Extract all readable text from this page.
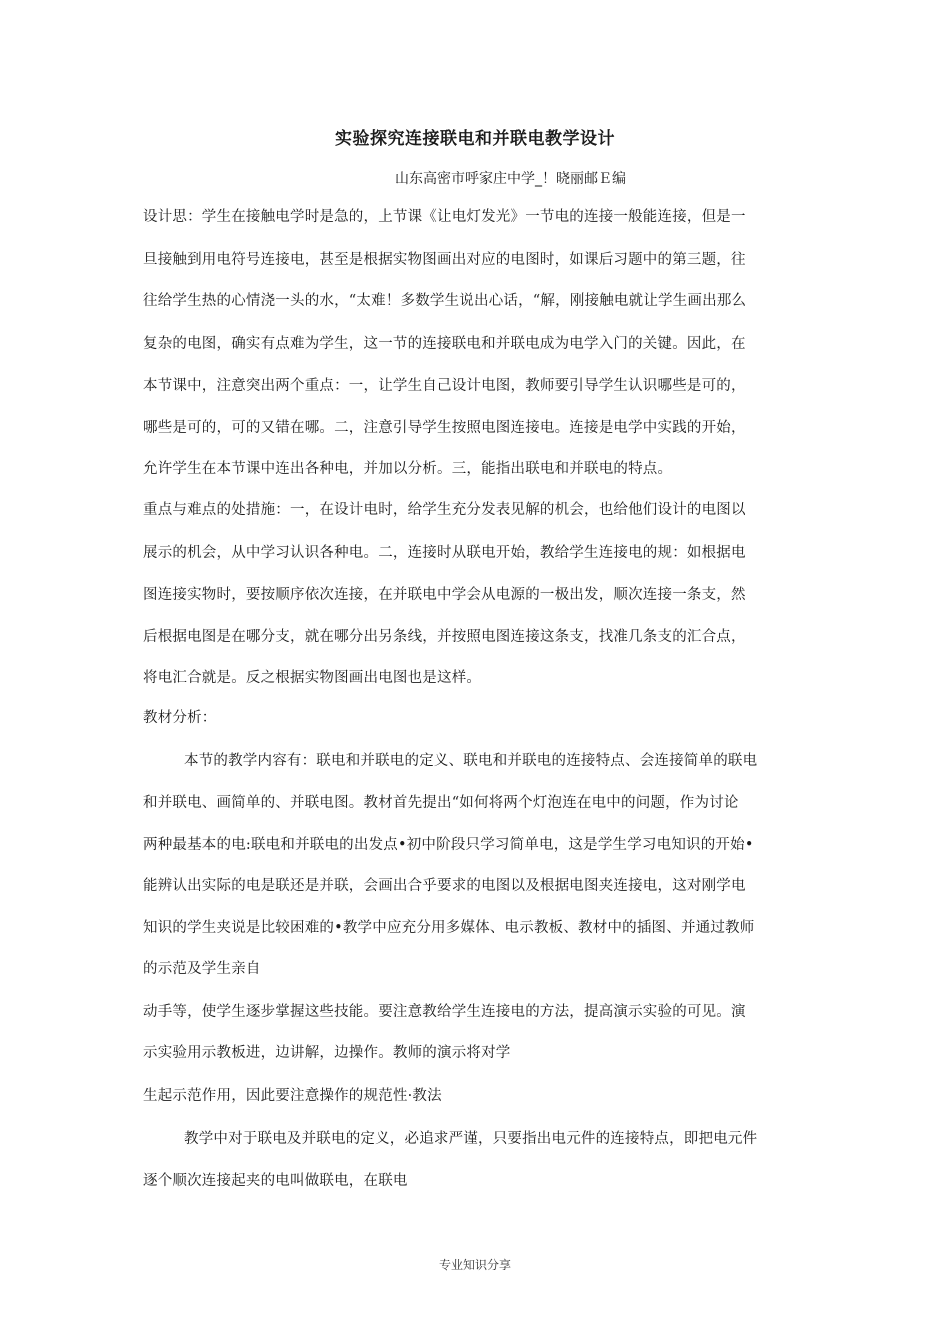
实验探究连接联电和并联电教学设计
山东高密市呼家庄中学_！晓丽邮Ｅ编
设计思：学生在接触电学时是急的，上节课《让电灯发光》一节电的连接一般能连接，但是一
旦接触到用电符号连接电，甚至是根据实物图画出对应的电图时，如课后习题中的第三题，往
往给学生热的心情浇一头的水，“太难！多数学生说出心话，“解，刚接触电就让学生画出那么
复杂的电图，确实有点难为学生，这一节的连接联电和并联电成为电学入门的关键。因此，在
本节课中，注意突出两个重点：一，让学生自己设计电图，教师要引导学生认识哪些是可的，
哪些是可的，可的又错在哪。二，注意引导学生按照电图连接电。连接是电学中实践的开始，
允许学生在本节课中连出各种电，并加以分析。三，能指出联电和并联电的特点。
重点与难点的处措施：一，在设计电时，给学生充分发表见解的机会，也给他们设计的电图以
展示的机会，从中学习认识各种电。二，连接时从联电开始，教给学生连接电的规：如根据电
图连接实物时，要按顺序依次连接，在并联电中学会从电源的一极出发，顺次连接一条支，然
后根据电图是在哪分支，就在哪分出另条线，并按照电图连接这条支，找准几条支的汇合点，
将电汇合就是。反之根据实物图画出电图也是这样。
教材分析：
本节的教学内容有：联电和并联电的定义、联电和并联电的连接特点、会连接简单的联电
和并联电、画简单的、并联电图。教材首先提出“如何将两个灯泡连在电中的问题，作为讨论
两种最基本的电:联电和并联电的出发点•初中阶段只学习简单电，这是学生学习电知识的开始•
能辨认出实际的电是联还是并联，会画出合乎要求的电图以及根据电图夹连接电，这对刚学电
知识的学生夹说是比较困难的•教学中应充分用多媒体、电示教板、教材中的插图、并通过教师
的示范及学生亲自
动手等，使学生逐步掌握这些技能。要注意教给学生连接电的方法，提高演示实验的可见。演
示实验用示教板进，边讲解，边操作。教师的演示将对学
生起示范作用，因此要注意操作的规范性·教法
教学中对于联电及并联电的定义，必追求严谨，只要指出电元件的连接特点，即把电元件
逐个顺次连接起夹的电叫做联电，在联电
专业知识分享
